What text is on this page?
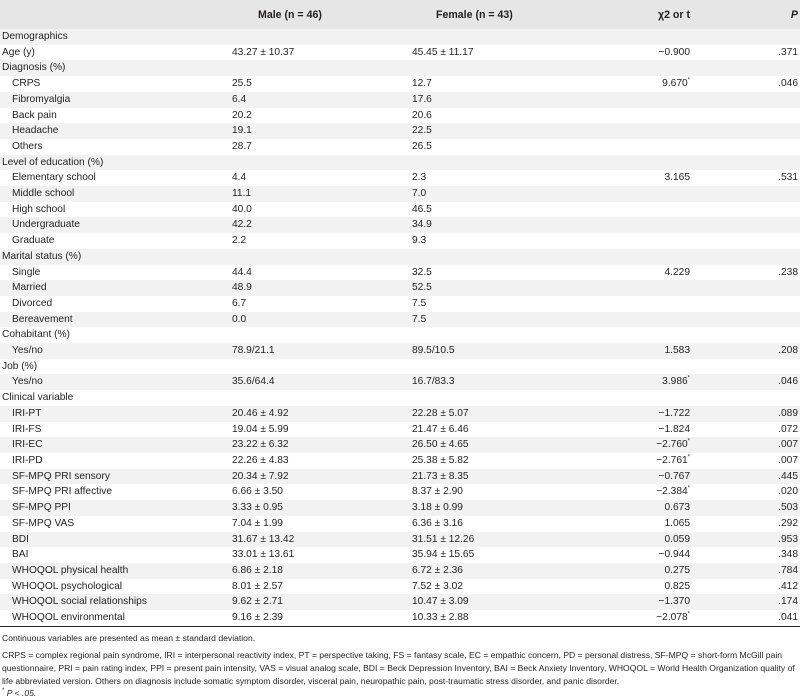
	Male (n = 46)	Female (n = 43)	χ2 or t	P
Demographics				
Age (y)	43.27 ± 10.37	45.45 ± 11.17	−0.900	.371
Diagnosis (%)				
CRPS	25.5	12.7	9.670*	.046
Fibromyalgia	6.4	17.6		
Back pain	20.2	20.6		
Headache	19.1	22.5		
Others	28.7	26.5		
Level of education (%)				
Elementary school	4.4	2.3	3.165	.531
Middle school	11.1	7.0		
High school	40.0	46.5		
Undergraduate	42.2	34.9		
Graduate	2.2	9.3		
Marital status (%)				
Single	44.4	32.5	4.229	.238
Married	48.9	52.5		
Divorced	6.7	7.5		
Bereavement	0.0	7.5		
Cohabitant (%)				
Yes/no	78.9/21.1	89.5/10.5	1.583	.208
Job (%)				
Yes/no	35.6/64.4	16.7/83.3	3.986*	.046
Clinical variable				
IRI-PT	20.46 ± 4.92	22.28 ± 5.07	−1.722	.089
IRI-FS	19.04 ± 5.99	21.47 ± 6.46	−1.824	.072
IRI-EC	23.22 ± 6.32	26.50 ± 4.65	−2.760*	.007
IRI-PD	22.26 ± 4.83	25.38 ± 5.82	−2.761*	.007
SF-MPQ PRI sensory	20.34 ± 7.92	21.73 ± 8.35	−0.767	.445
SF-MPQ PRI affective	6.66 ± 3.50	8.37 ± 2.90	−2.384*	.020
SF-MPQ PPI	3.33 ± 0.95	3.18 ± 0.99	0.673	.503
SF-MPQ VAS	7.04 ± 1.99	6.36 ± 3.16	1.065	.292
BDI	31.67 ± 13.42	31.51 ± 12.26	0.059	.953
BAI	33.01 ± 13.61	35.94 ± 15.65	−0.944	.348
WHOQOL physical health	6.86 ± 2.18	6.72 ± 2.36	0.275	.784
WHOQOL psychological	8.01 ± 2.57	7.52 ± 3.02	0.825	.412
WHOQOL social relationships	9.62 ± 2.71	10.47 ± 3.09	−1.370	.174
WHOQOL environmental	9.16 ± 2.39	10.33 ± 2.88	−2.078*	.041

Continuous variables are presented as mean ± standard deviation.

CRPS = complex regional pain syndrome, IRI = interpersonal reactivity index, PT = perspective taking, FS = fantasy scale, EC = empathic concern, PD = personal distress, SF-MPQ = short-form McGill pain questionnaire, PRI = pain rating index, PPI = present pain intensity, VAS = visual analog scale, BDI = Beck Depression Inventory, BAI = Beck Anxiety Inventory, WHOQOL = World Health Organization quality of life abbreviated version. Others on diagnosis include somatic symptom disorder, visceral pain, neuropathic pain, post-traumatic stress disorder, and panic disorder.

* P < .05.
